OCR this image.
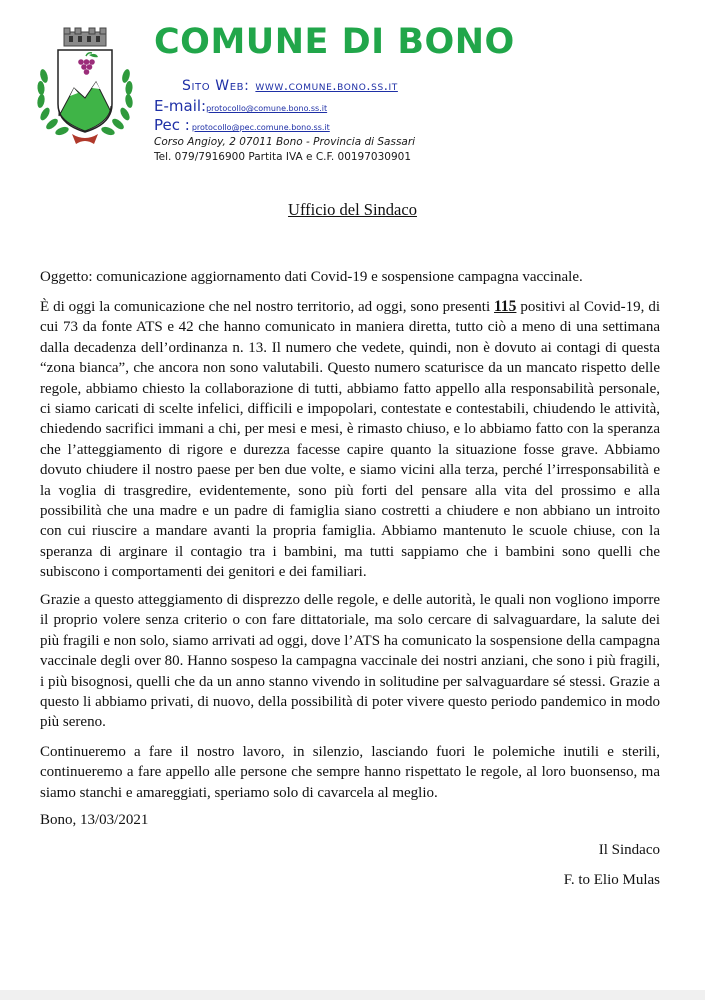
COMUNE DI BONO
Sito Web: www.comune.bono.ss.it
E-mail:protocollo@comune.bono.ss.it
Pec : protocollo@pec.comune.bono.ss.it
Corso Angioy, 2 07011 Bono - Provincia di Sassari
Tel. 079/7916900 Partita IVA e C.F. 00197030901
Ufficio del Sindaco

Oggetto: comunicazione aggiornamento dati Covid-19 e sospensione campagna vaccinale.

È di oggi la comunicazione che nel nostro territorio, ad oggi, sono presenti 115 positivi al Covid-19, di cui 73 da fonte ATS e 42 che hanno comunicato in maniera diretta, tutto ciò a meno di una settimana dalla decadenza dell’ordinanza n. 13. Il numero che vedete, quindi, non è dovuto ai contagi di questa “zona bianca”, che ancora non sono valutabili. Questo numero scaturisce da un mancato rispetto delle regole, abbiamo chiesto la collaborazione di tutti, abbiamo fatto appello alla responsabilità personale, ci siamo caricati di scelte infelici, difficili e impopolari, contestate e contestabili, chiudendo le attività, chiedendo sacrifici immani a chi, per mesi e mesi, è rimasto chiuso, e lo abbiamo fatto con la speranza che l’atteggiamento di rigore e durezza facesse capire quanto la situazione fosse grave. Abbiamo dovuto chiudere il nostro paese per ben due volte, e siamo vicini alla terza, perché l’irresponsabilità e la voglia di trasgredire, evidentemente, sono più forti del pensare alla vita del prossimo e alla possibilità che una madre e un padre di famiglia siano costretti a chiudere e non abbiano un introito con cui riuscire a mandare avanti la propria famiglia. Abbiamo mantenuto le scuole chiuse, con la speranza di arginare il contagio tra i bambini, ma tutti sappiamo che i bambini sono quelli che subiscono i comportamenti dei genitori e dei familiari.

Grazie a questo atteggiamento di disprezzo delle regole, e delle autorità, le quali non vogliono imporre il proprio volere senza criterio o con fare dittatoriale, ma solo cercare di salvaguardare, la salute dei più fragili e non solo, siamo arrivati ad oggi, dove l’ATS ha comunicato la sospensione della campagna vaccinale degli over 80. Hanno sospeso la campagna vaccinale dei nostri anziani, che sono i più fragili, i più bisognosi, quelli che da un anno stanno vivendo in solitudine per salvaguardare sé stessi. Grazie a questo li abbiamo privati, di nuovo, della possibilità di poter vivere questo periodo pandemico in modo più sereno.

Continueremo a fare il nostro lavoro, in silenzio, lasciando fuori le polemiche inutili e sterili, continueremo a fare appello alle persone che sempre hanno rispettato le regole, al loro buonsenso, ma siamo stanchi e amareggiati, speriamo solo di cavarcela al meglio.

Bono, 13/03/2021

Il Sindaco

F. to Elio Mulas
